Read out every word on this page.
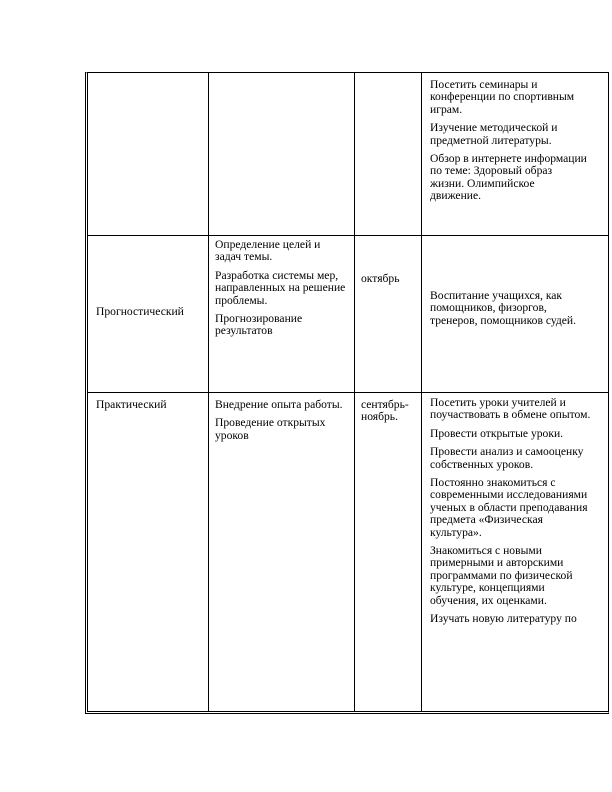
Посетить семинары и конференции по спортивным играм.

Изучение методической и предметной литературы.

Обзор в интернете информации по теме: Здоровый образ жизни. Олимпийское движение.

Прогностический

Определение целей и задач темы.

Разработка системы мер, направленных на решение проблемы.

Прогнозирование результатов

октябрь

Воспитание учащихся, как помощников, физоргов, тренеров, помощников судей.

Практический	Внедрение опыта работы.

Проведение открытых уроков

сентябрь-ноябрь.

Посетить уроки учителей и поучаствовать в обмене опытом.

Провести открытые уроки.

Провести анализ и самооценку собственных уроков.

Постоянно знакомиться с современными исследованиями ученых в области преподавания предмета «Физическая культура».

Знакомиться с новыми примерными и авторскими программами по физической культуре, концепциями обучения, их оценками.

Изучать новую литературу по
